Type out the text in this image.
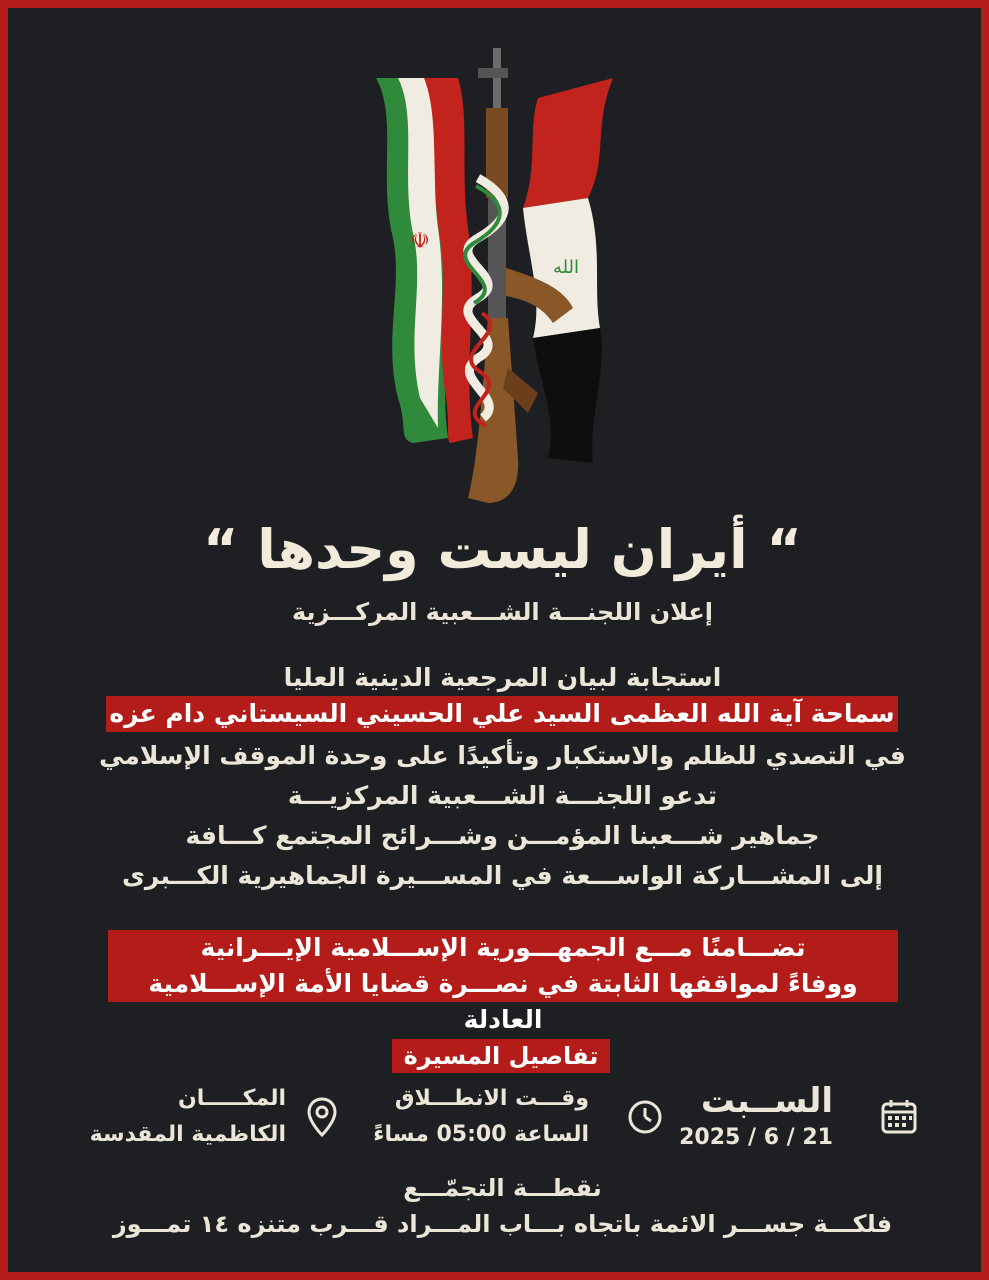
☫
الله
“ أيران ليست وحدها “
إعلان اللجنـــة الشـــعبية المركـــزية
استجابة لبيان المرجعية الدينية العليا
سماحة آية الله العظمى السيد علي الحسيني السيستاني دام عزه
في التصدي للظلم والاستكبار وتأكيدًا على وحدة الموقف الإسلامي
تدعو اللجنـــة الشـــعبية المركزيـــة
جماهير شـــعبنا المؤمـــن وشـــرائح المجتمع كـــافة
إلى المشـــاركة الواســـعة في المســـيرة الجماهيرية الكـــبرى
تضـــامنًا مـــع الجمهـــورية الإســـلامية الإيـــرانية
ووفاءً لمواقفها الثابتة في نصـــرة قضايا الأمة الإســـلامية العادلة
تفاصيل المسيرة
الســبت
21 / 6 / 2025
وقـــت الانطـــلاق
الساعة 05:00 مساءً
المكـــــان
الكاظمية المقدسة
نقطـــة التجمّـــع
فلكـــة جســـر الائمة باتجاه بـــاب المـــراد قـــرب متنزه ١٤ تمـــوز
